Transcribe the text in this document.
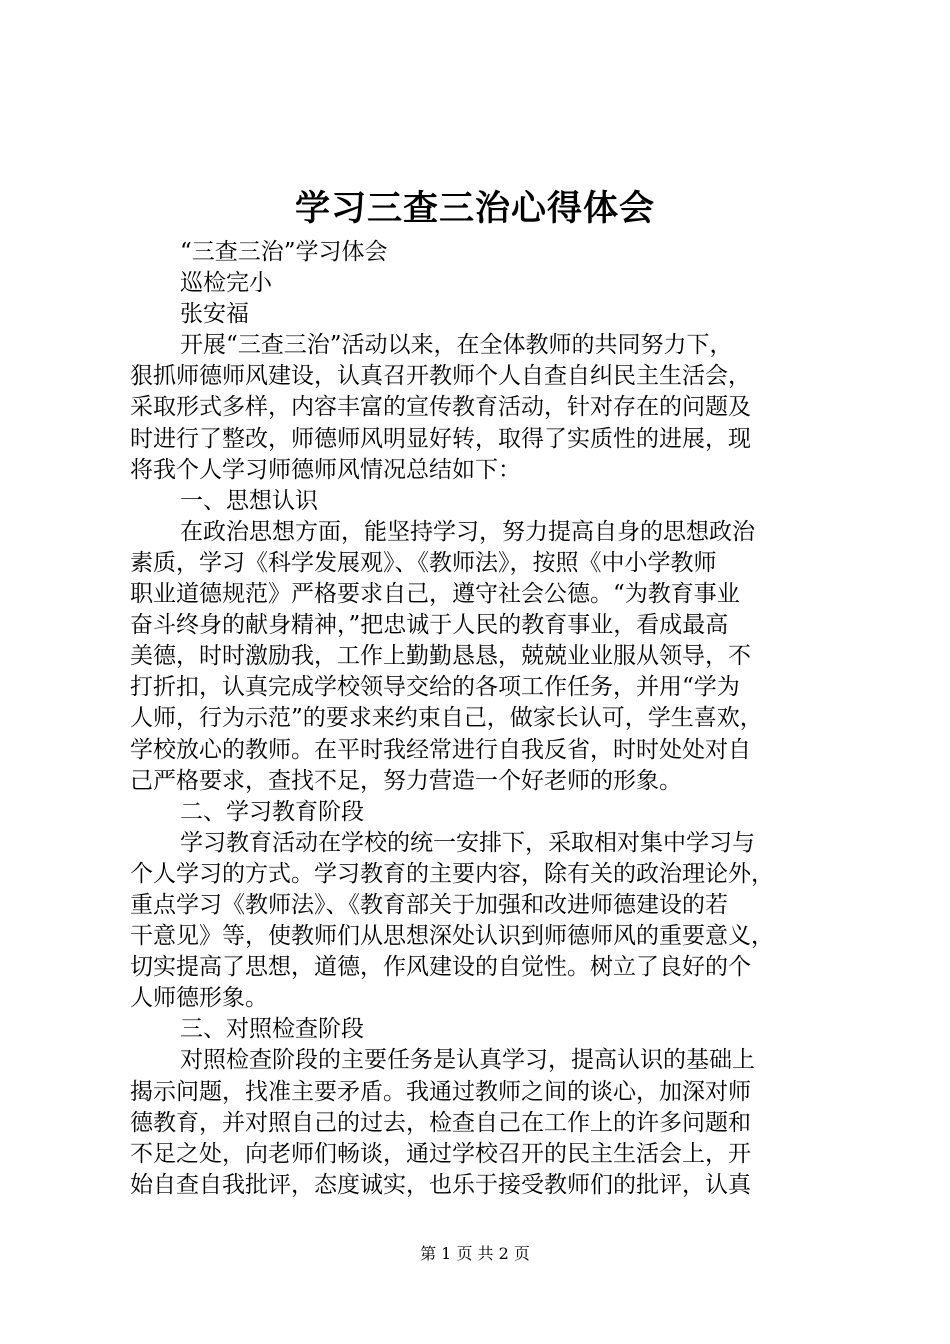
学习三查三治心得体会
“三查三治”学习体会
巡检完小
张安福
开展“三查三治”活动以来，在全体教师的共同努力下，
狠抓师德师风建设，认真召开教师个人自查自纠民主生活会，
采取形式多样，内容丰富的宣传教育活动，针对存在的问题及
时进行了整改，师德师风明显好转，取得了实质性的进展，现
将我个人学习师德师风情况总结如下：
一、思想认识
在政治思想方面，能坚持学习，努力提高自身的思想政治
素质，学习《科学发展观》、《教师法》，按照《中小学教师
职业道德规范》严格要求自己，遵守社会公德。“为教育事业
奋斗终身的献身精神，”把忠诚于人民的教育事业，看成最高
美德，时时激励我，工作上勤勤恳恳，兢兢业业服从领导，不
打折扣，认真完成学校领导交给的各项工作任务，并用“学为
人师，行为示范”的要求来约束自己，做家长认可，学生喜欢，
学校放心的教师。在平时我经常进行自我反省，时时处处对自
己严格要求，查找不足，努力营造一个好老师的形象。
二、学习教育阶段
学习教育活动在学校的统一安排下，采取相对集中学习与
个人学习的方式。学习教育的主要内容，除有关的政治理论外，
重点学习《教师法》、《教育部关于加强和改进师德建设的若
干意见》等，使教师们从思想深处认识到师德师风的重要意义，
切实提高了思想，道德，作风建设的自觉性。树立了良好的个
人师德形象。
三、对照检查阶段
对照检查阶段的主要任务是认真学习，提高认识的基础上
揭示问题，找准主要矛盾。我通过教师之间的谈心，加深对师
德教育，并对照自己的过去，检查自己在工作上的许多问题和
不足之处，向老师们畅谈，通过学校召开的民主生活会上，开
始自查自我批评，态度诚实，也乐于接受教师们的批评，认真
第 1 页 共 2 页
